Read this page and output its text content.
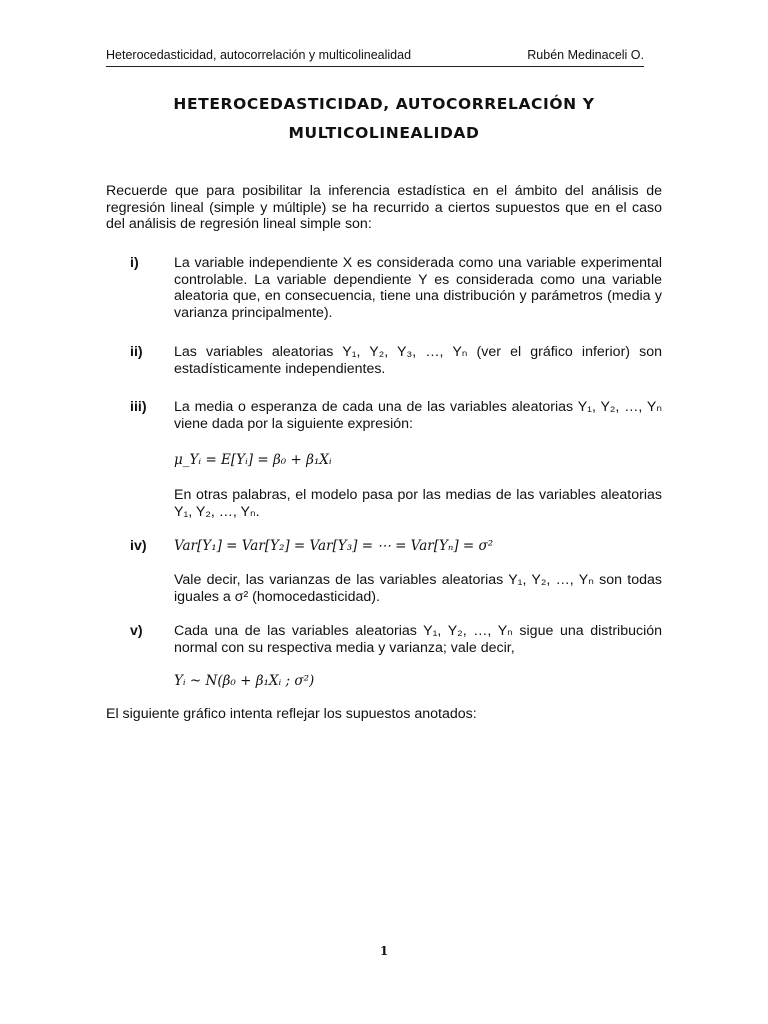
Heterocedasticidad, autocorrelación y multicolinealidad	Rubén Medinaceli O.
HETEROCEDASTICIDAD, AUTOCORRELACIÓN Y
MULTICOLINEALIDAD
Recuerde que para posibilitar la inferencia estadística en el ámbito del análisis de regresión lineal (simple y múltiple) se ha recurrido a ciertos supuestos que en el caso del análisis de regresión lineal simple son:
i) La variable independiente X es considerada como una variable experimental controlable. La variable dependiente Y es considerada como una variable aleatoria que, en consecuencia, tiene una distribución y parámetros (media y varianza principalmente).
ii) Las variables aleatorias Y₁, Y₂, Y₃, …, Yₙ (ver el gráfico inferior) son estadísticamente independientes.
iii) La media o esperanza de cada una de las variables aleatorias Y₁, Y₂, …, Yₙ viene dada por la siguiente expresión:
μ_Yᵢ = E[Yᵢ] = β₀ + β₁Xᵢ
En otras palabras, el modelo pasa por las medias de las variables aleatorias Y₁, Y₂, …, Yₙ.
iv) Var[Y₁] = Var[Y₂] = Var[Y₃] = ⋯ = Var[Yₙ] = σ²
Vale decir, las varianzas de las variables aleatorias Y₁, Y₂, …, Yₙ son todas iguales a σ² (homocedasticidad).
v) Cada una de las variables aleatorias Y₁, Y₂, …, Yₙ sigue una distribución normal con su respectiva media y varianza; vale decir,
Yᵢ ~ N(β₀ + β₁Xᵢ ; σ²)
El siguiente gráfico intenta reflejar los supuestos anotados:
1
